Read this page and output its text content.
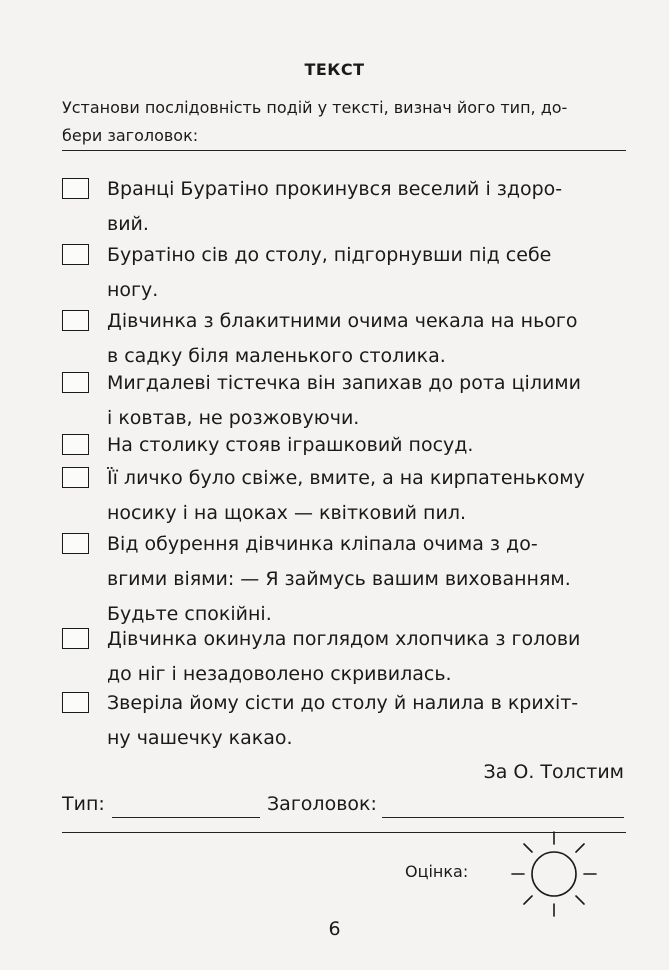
ТЕКСТ
Установи послідовність подій у тексті, визнач його тип, до-
бери заголовок:
Вранці Буратіно прокинувся веселий і здоро-
вий.
Буратіно сів до столу, підгорнувши під себе
ногу.
Дівчинка з блакитними очима чекала на нього
в садку біля маленького столика.
Мигдалеві тістечка він запихав до рота цілими
і ковтав, не розжовуючи.
На столику стояв іграшковий посуд.
Її личко було свіже, вмите, а на кирпатенькому
носику і на щоках — квітковий пил.
Від обурення дівчинка кліпала очима з до-
вгими віями: — Я займусь вашим вихованням.
Будьте спокійні.
Дівчинка окинула поглядом хлопчика з голови
до ніг і незадоволено скривилась.
Зверіла йому сісти до столу й налила в крихіт-
ну чашечку какао.
За О. Толстим
Тип:	Заголовок:
Оцінка:
6
